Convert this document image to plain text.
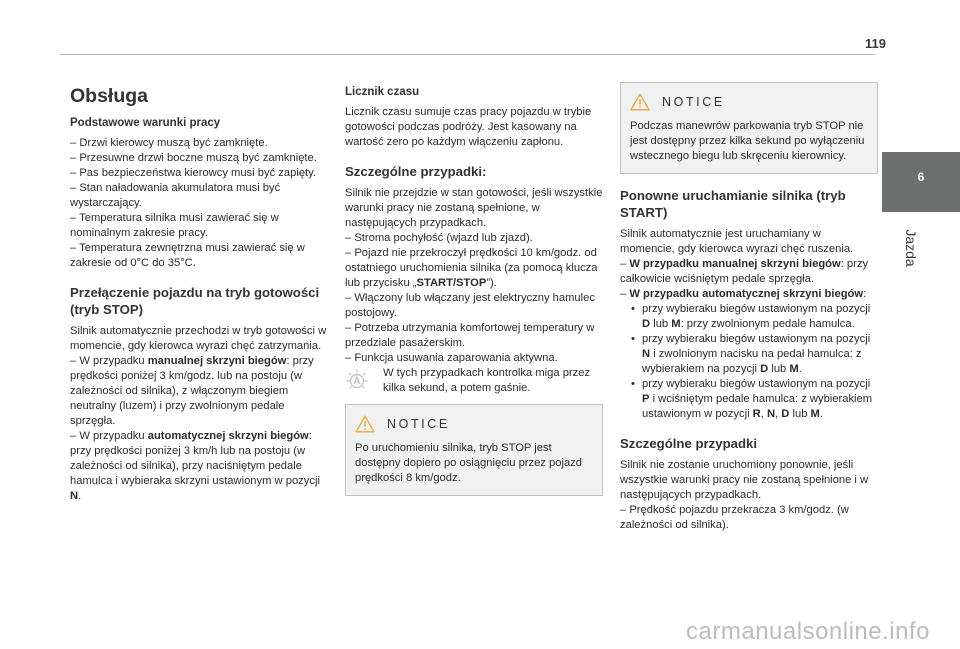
119
6
Jazda
Obsługa
Podstawowe warunki pracy

– Drzwi kierowcy muszą być zamknięte.

– Przesuwne drzwi boczne muszą być zamknięte.

– Pas bezpieczeństwa kierowcy musi być zapięty.

– Stan naładowania akumulatora musi być wystarczający.

– Temperatura silnika musi zawierać się w nominalnym zakresie pracy.

– Temperatura zewnętrzna musi zawierać się w zakresie od 0°C do 35°C.

Przełączenie pojazdu na tryb gotowości (tryb STOP)

Silnik automatycznie przechodzi w tryb gotowości w momencie, gdy kierowca wyrazi chęć zatrzymania.

– W przypadku manualnej skrzyni biegów: przy prędkości poniżej 3 km/godz. lub na postoju (w zależności od silnika), z włączonym biegiem neutralny (luzem) i przy zwolnionym pedale sprzęgła.

– W przypadku automatycznej skrzyni biegów: przy prędkości poniżej 3 km/h lub na postoju (w zależności od silnika), przy naciśniętym pedale hamulca i wybieraka skrzyni ustawionym w pozycji N.

Licznik czasu

Licznik czasu sumuje czas pracy pojazdu w trybie gotowości podczas podróży. Jest kasowany na wartość zero po każdym włączeniu zapłonu.

Szczególne przypadki:

Silnik nie przejdzie w stan gotowości, jeśli wszystkie warunki pracy nie zostaną spełnione, w następujących przypadkach.

– Stroma pochyłość (wjazd lub zjazd).

– Pojazd nie przekroczył prędkości 10 km/godz. od ostatniego uruchomienia silnika (za pomocą klucza lub przycisku „START/STOP”).

– Włączony lub włączany jest elektryczny hamulec postojowy.

– Potrzeba utrzymania komfortowej temperatury w przedziale pasażerskim.

– Funkcja usuwania zaparowania aktywna.

W tych przypadkach kontrolka miga przez kilka sekund, a potem gaśnie.

NOTICE

Po uruchomieniu silnika, tryb STOP jest dostępny dopiero po osiągnięciu przez pojazd prędkości 8 km/godz.

NOTICE

Podczas manewrów parkowania tryb STOP nie jest dostępny przez kilka sekund po wyłączeniu wstecznego biegu lub skręceniu kierownicy.

Ponowne uruchamianie silnika (tryb START)

Silnik automatycznie jest uruchamiany w momencie, gdy kierowca wyrazi chęć ruszenia.

– W przypadku manualnej skrzyni biegów: przy całkowicie wciśniętym pedale sprzęgła.

– W przypadku automatycznej skrzyni biegów:

• przy wybieraku biegów ustawionym na pozycji D lub M: przy zwolnionym pedale hamulca.

• przy wybieraku biegów ustawionym na pozycji N i zwolnionym nacisku na pedał hamulca: z wybierakiem na pozycji D lub M.

• przy wybieraku biegów ustawionym na pozycji P i wciśniętym pedale hamulca: z wybierakiem ustawionym w pozycji R, N, D lub M.

Szczególne przypadki

Silnik nie zostanie uruchomiony ponownie, jeśli wszystkie warunki pracy nie zostaną spełnione i w następujących przypadkach.

– Prędkość pojazdu przekracza 3 km/godz. (w zależności od silnika).

carmanualsonline.info
